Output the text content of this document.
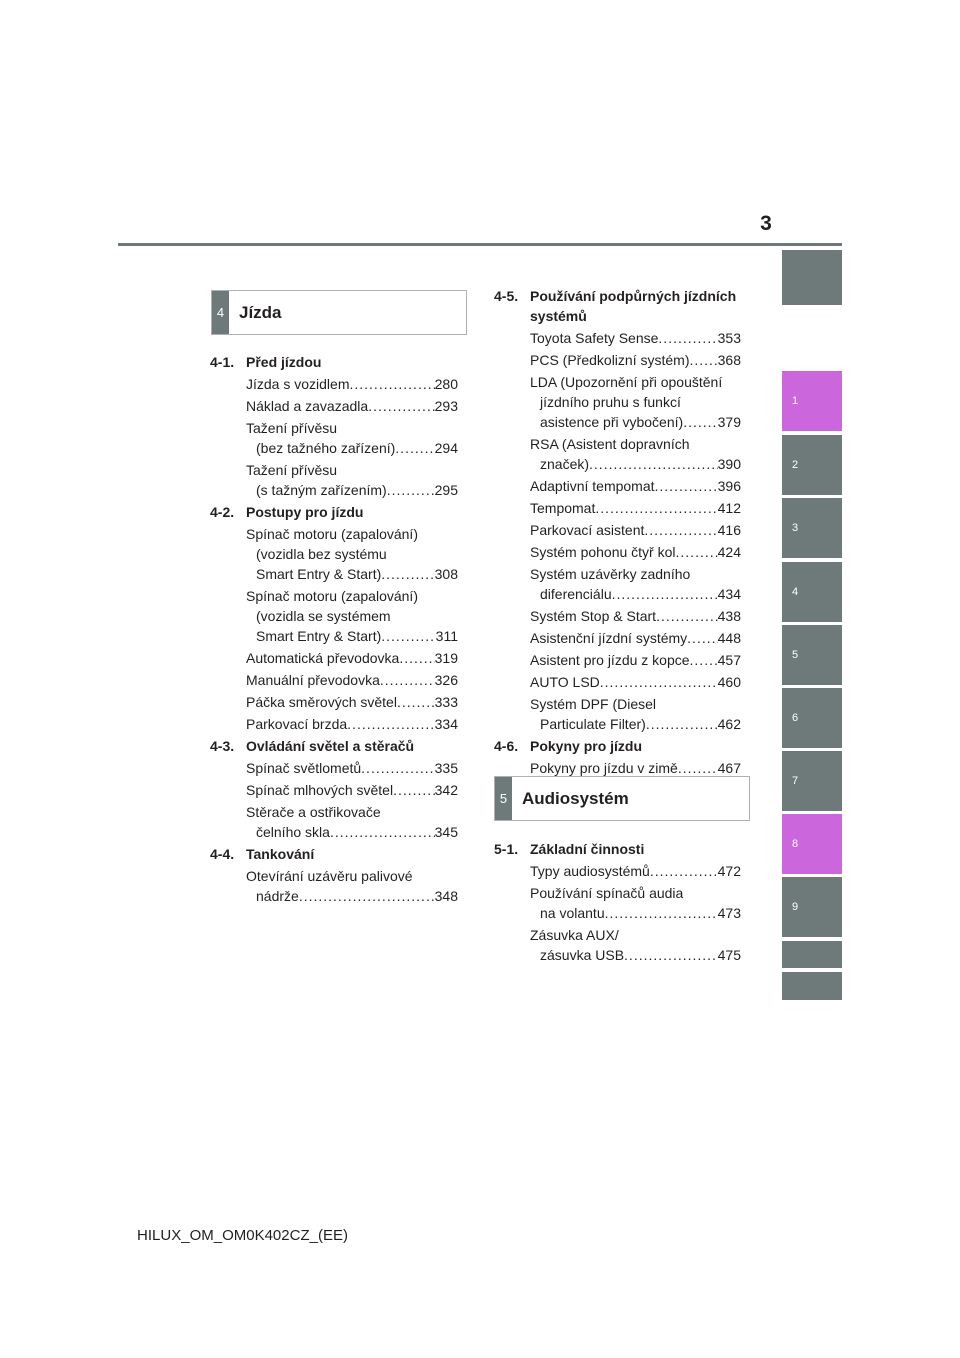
3
1
2
3
4
5
6
7
8
9
4 Jízda
4-1. Před jízdou
Jízda s vozidlem .....	280
Náklad a zavazadla .....	293
Tažení přívěsu
(bez tažného zařízení) .....	294
Tažení přívěsu
(s tažným zařízením) .....	295
4-2. Postupy pro jízdu
Spínač motoru (zapalování)
(vozidla bez systému
Smart Entry & Start) .....	308
Spínač motoru (zapalování)
(vozidla se systémem
Smart Entry & Start) .....	311
Automatická převodovka .....	319
Manuální převodovka .....	326
Páčka směrových světel .....	333
Parkovací brzda .....	334
4-3. Ovládání světel a stěračů
Spínač světlometů .....	335
Spínač mlhových světel .....	342
Stěrače a ostřikovače
čelního skla .....	345
4-4. Tankování
Otevírání uzávěru palivové
nádrže .....	348
4-5. Používání podpůrných jízdních systémů
Toyota Safety Sense .....	353
PCS (Předkolizní systém) ..... 368
LDA (Upozornění při opouštění
jízdního pruhu s funkcí
asistence při vybočení) ..... 379
RSA (Asistent dopravních
značek) .....	390
Adaptivní tempomat .....	396
Tempomat .....	412
Parkovací asistent .....	416
Systém pohonu čtyř kol .....	424
Systém uzávěrky zadního
diferenciálu .....	434
Systém Stop & Start .....	438
Asistenční jízdní systémy ..... 448
Asistent pro jízdu z kopce ..... 457
AUTO LSD .....	460
Systém DPF (Diesel
Particulate Filter) .....	462
4-6. Pokyny pro jízdu
Pokyny pro jízdu v zimě .....	467
5 Audiosystém
5-1. Základní činnosti
Typy audiosystémů .....	472
Používání spínačů audia
na volantu .....	473
Zásuvka AUX/
zásuvka USB .....	475
HILUX_OM_OM0K402CZ_(EE)
